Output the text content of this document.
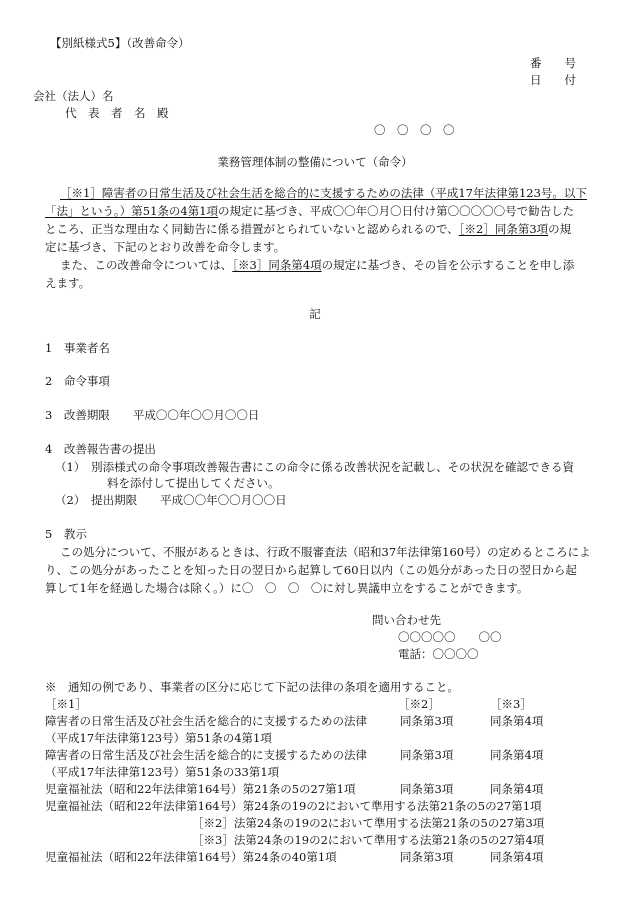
【別紙様式5】（改善命令）
番　　号
日　　付
会社（法人）名
代　表　者　名　殿
〇　〇　〇　〇
業務管理体制の整備について（命令）
［※1］障害者の日常生活及び社会生活を総合的に支援するための法律（平成17年法律第123号。以下
「法」という。）第51条の4第1項の規定に基づき、平成〇〇年〇月〇日付け第〇〇〇〇〇号で勧告した
ところ、正当な理由なく同勧告に係る措置がとられていないと認められるので、［※2］同条第3項の規
定に基づき、下記のとおり改善を命令します。
また、この改善命令については、［※3］同条第4項の規定に基づき、その旨を公示することを申し添
えます。
記
1　事業者名
2　命令事項
3　改善期限　　平成〇〇年〇〇月〇〇日
4　改善報告書の提出
（1）　別添様式の命令事項改善報告書にこの命令に係る改善状況を記載し、その状況を確認できる資
料を添付して提出してください。
（2）　提出期限　　平成〇〇年〇〇月〇〇日
5　教示
この処分について、不服があるときは、行政不服審査法（昭和37年法律第160号）の定めるところによ
り、この処分があったことを知った日の翌日から起算して60日以内（この処分があった日の翌日から起
算して1年を経過した場合は除く。）に〇　〇　〇　〇に対し異議申立をすることができます。
問い合わせ先
〇〇〇〇〇　　〇〇
電話：〇〇〇〇
※　通知の例であり、事業者の区分に応じて下記の法律の条項を適用すること。
［※1］	［※2］	［※3］
障害者の日常生活及び社会生活を総合的に支援するための法律	同条第3項	同条第4項
（平成17年法律第123号）第51条の4第1項
障害者の日常生活及び社会生活を総合的に支援するための法律	同条第3項	同条第4項
（平成17年法律第123号）第51条の33第1項
児童福祉法（昭和22年法律第164号）第21条の5の27第1項	同条第3項	同条第4項
児童福祉法（昭和22年法律第164号）第24条の19の2において準用する法第21条の5の27第1項
［※2］法第24条の19の2において準用する法第21条の5の27第3項
［※3］法第24条の19の2において準用する法第21条の5の27第4項
児童福祉法（昭和22年法律第164号）第24条の40第1項	同条第3項	同条第4項
